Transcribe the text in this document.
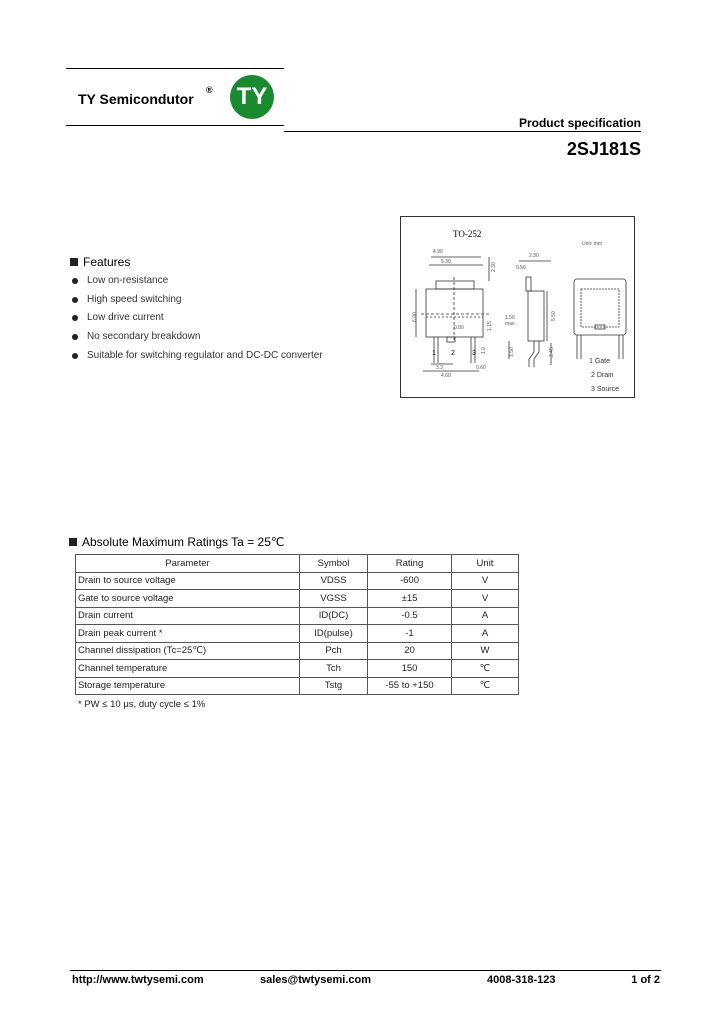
TY Semicondutor
® TY
Product specification
2SJ181S
Features
Low on-resistance
High speed switching
Low drive current
No secondary breakdown
Suitable for switching regulator and DC-DC converter
TO-252
Unit: mm
4.90
5.30
6.00
0.80
2.30
1.15
1.0
3.3
4.60
0.60
1 2 3
2.30
0.50
1.50
max
5.50
2.45
1.50
1 Gate
2 Drain
3 Source
Absolute Maximum Ratings Ta = 25℃
Parameter	Symbol	Rating	Unit
Drain to source voltage	VDSS	-600	V
Gate to source voltage	VGSS	±15	V
Drain current	ID(DC)	-0.5	A
Drain peak current *	ID(pulse)	-1	A
Channel dissipation (Tc=25℃)	Pch	20	W
Channel temperature	Tch	150	℃
Storage temperature	Tstg	-55 to +150	℃
* PW ≤ 10 μs, duty cycle ≤ 1%
http://www.twtysemi.com	sales@twtysemi.com	4008-318-123	1 of 2
